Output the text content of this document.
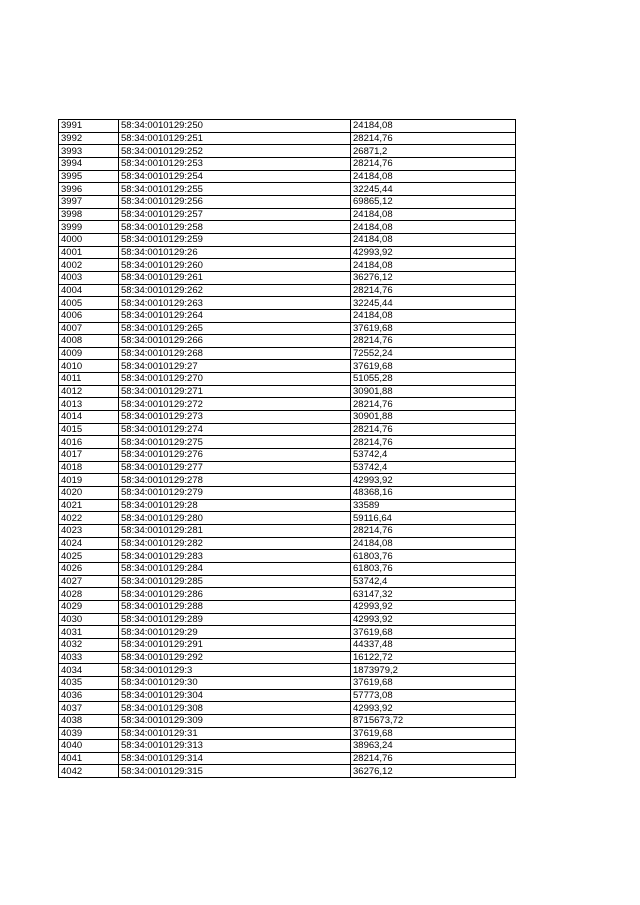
3991	58:34:0010129:250	24184,08
3992	58:34:0010129:251	28214,76
3993	58:34:0010129:252	26871,2
3994	58:34:0010129:253	28214,76
3995	58:34:0010129:254	24184,08
3996	58:34:0010129:255	32245,44
3997	58:34:0010129:256	69865,12
3998	58:34:0010129:257	24184,08
3999	58:34:0010129:258	24184,08
4000	58:34:0010129:259	24184,08
4001	58:34:0010129:26	42993,92
4002	58:34:0010129:260	24184,08
4003	58:34:0010129:261	36276,12
4004	58:34:0010129:262	28214,76
4005	58:34:0010129:263	32245,44
4006	58:34:0010129:264	24184,08
4007	58:34:0010129:265	37619,68
4008	58:34:0010129:266	28214,76
4009	58:34:0010129:268	72552,24
4010	58:34:0010129:27	37619,68
4011	58:34:0010129:270	51055,28
4012	58:34:0010129:271	30901,88
4013	58:34:0010129:272	28214,76
4014	58:34:0010129:273	30901,88
4015	58:34:0010129:274	28214,76
4016	58:34:0010129:275	28214,76
4017	58:34:0010129:276	53742,4
4018	58:34:0010129:277	53742,4
4019	58:34:0010129:278	42993,92
4020	58:34:0010129:279	48368,16
4021	58:34:0010129:28	33589
4022	58:34:0010129:280	59116,64
4023	58:34:0010129:281	28214,76
4024	58:34:0010129:282	24184,08
4025	58:34:0010129:283	61803,76
4026	58:34:0010129:284	61803,76
4027	58:34:0010129:285	53742,4
4028	58:34:0010129:286	63147,32
4029	58:34:0010129:288	42993,92
4030	58:34:0010129:289	42993,92
4031	58:34:0010129:29	37619,68
4032	58:34:0010129:291	44337,48
4033	58:34:0010129:292	16122,72
4034	58:34:0010129:3	1873979,2
4035	58:34:0010129:30	37619,68
4036	58:34:0010129:304	57773,08
4037	58:34:0010129:308	42993,92
4038	58:34:0010129:309	8715673,72
4039	58:34:0010129:31	37619,68
4040	58:34:0010129:313	38963,24
4041	58:34:0010129:314	28214,76
4042	58:34:0010129:315	36276,12
